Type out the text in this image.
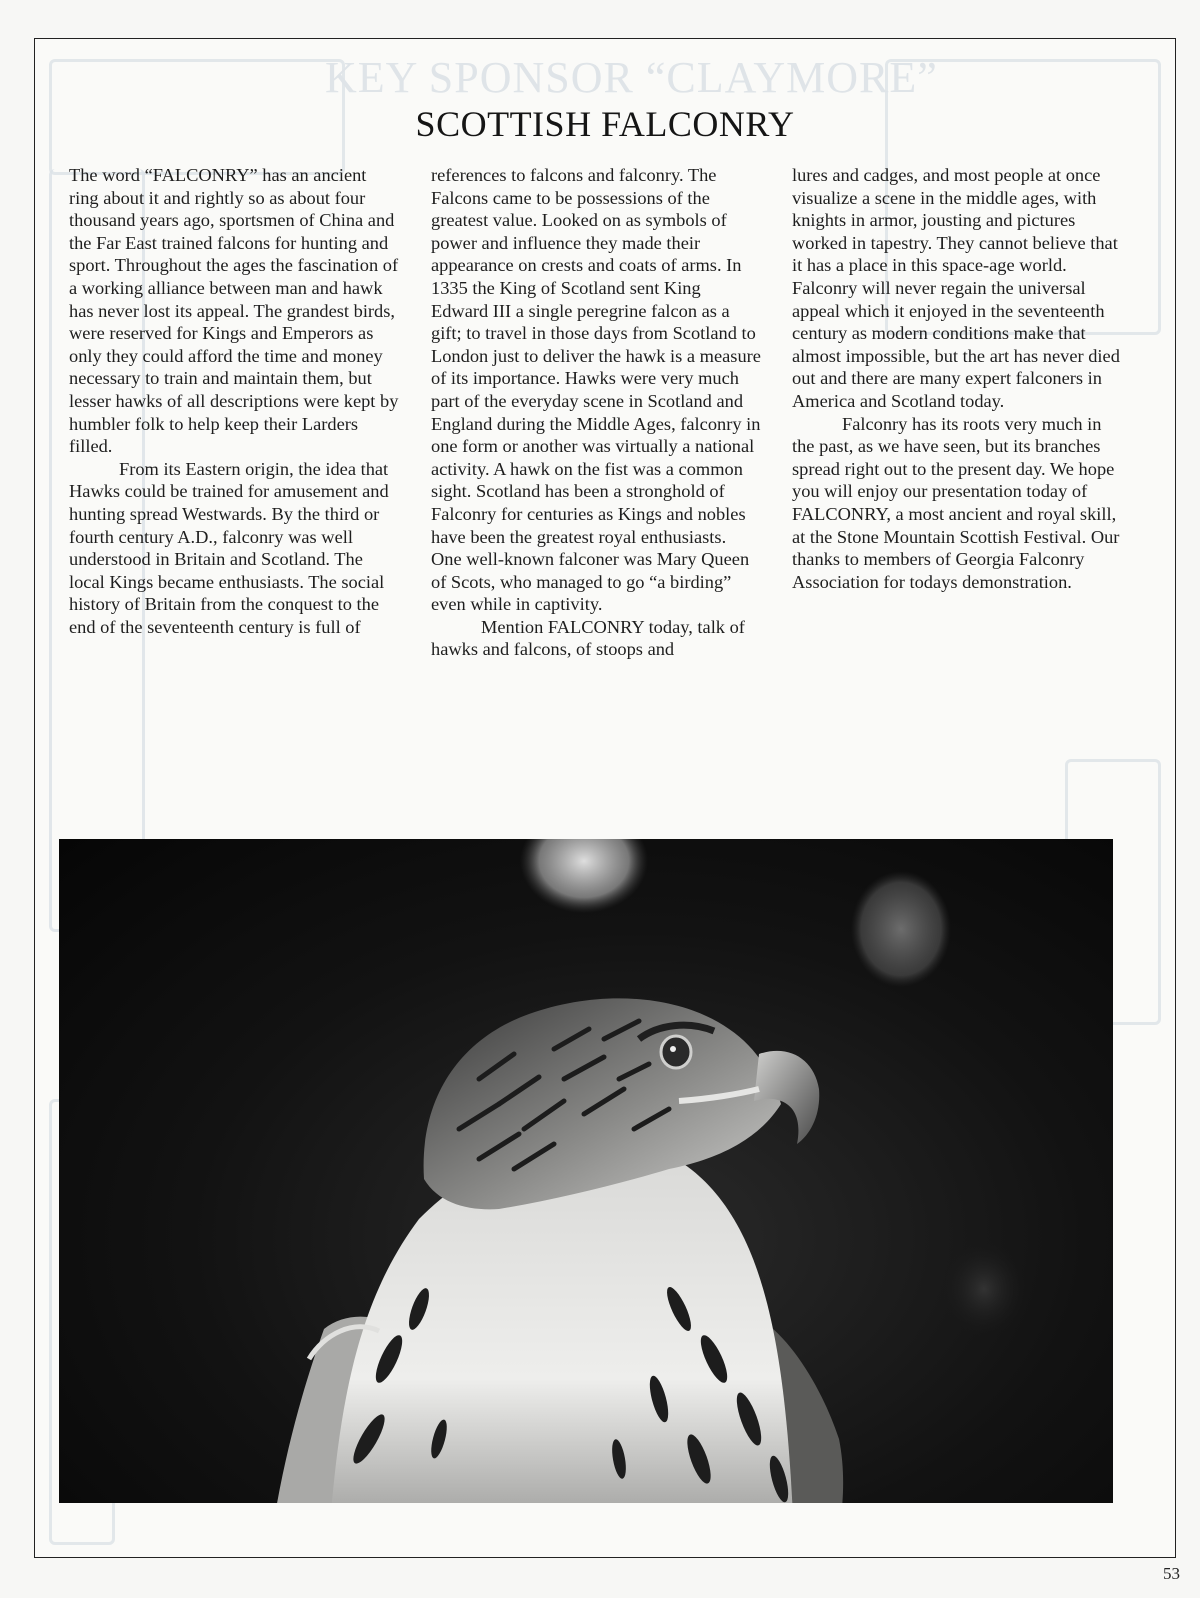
KEY SPONSOR “CLAYMORE”
SCOTTISH FALCONRY

The word “FALCONRY” has an ancient ring about it and rightly so as about four thousand years ago, sportsmen of China and the Far East trained falcons for hunting and sport. Throughout the ages the fascination of a working alliance between man and hawk has never lost its appeal. The grandest birds, were reserved for Kings and Emperors as only they could afford the time and money necessary to train and maintain them, but lesser hawks of all descriptions were kept by humbler folk to help keep their Larders filled.

From its Eastern origin, the idea that Hawks could be trained for amusement and hunting spread Westwards. By the third or fourth century A.D., falconry was well understood in Britain and Scotland. The local Kings became enthusiasts. The social history of Britain from the conquest to the end of the seventeenth century is full of

references to falcons and falconry. The Falcons came to be possessions of the greatest value. Looked on as symbols of power and influence they made their appearance on crests and coats of arms. In 1335 the King of Scotland sent King Edward III a single peregrine falcon as a gift; to travel in those days from Scotland to London just to deliver the hawk is a measure of its importance. Hawks were very much part of the everyday scene in Scotland and England during the Middle Ages, falconry in one form or another was virtually a national activity. A hawk on the fist was a common sight. Scotland has been a stronghold of Falconry for centuries as Kings and nobles have been the greatest royal enthusiasts. One well-known falconer was Mary Queen of Scots, who managed to go “a birding” even while in captivity.

Mention FALCONRY today, talk of hawks and falcons, of stoops and

lures and cadges, and most people at once visualize a scene in the middle ages, with knights in armor, jousting and pictures worked in tapestry. They cannot believe that it has a place in this space-age world. Falconry will never regain the universal appeal which it enjoyed in the seventeenth century as modern conditions make that almost impossible, but the art has never died out and there are many expert falconers in America and Scotland today.

Falconry has its roots very much in the past, as we have seen, but its branches spread right out to the present day. We hope you will enjoy our presentation today of FALCONRY, a most ancient and royal skill, at the Stone Mountain Scottish Festival. Our thanks to members of Georgia Falconry Association for todays demonstration.

53
